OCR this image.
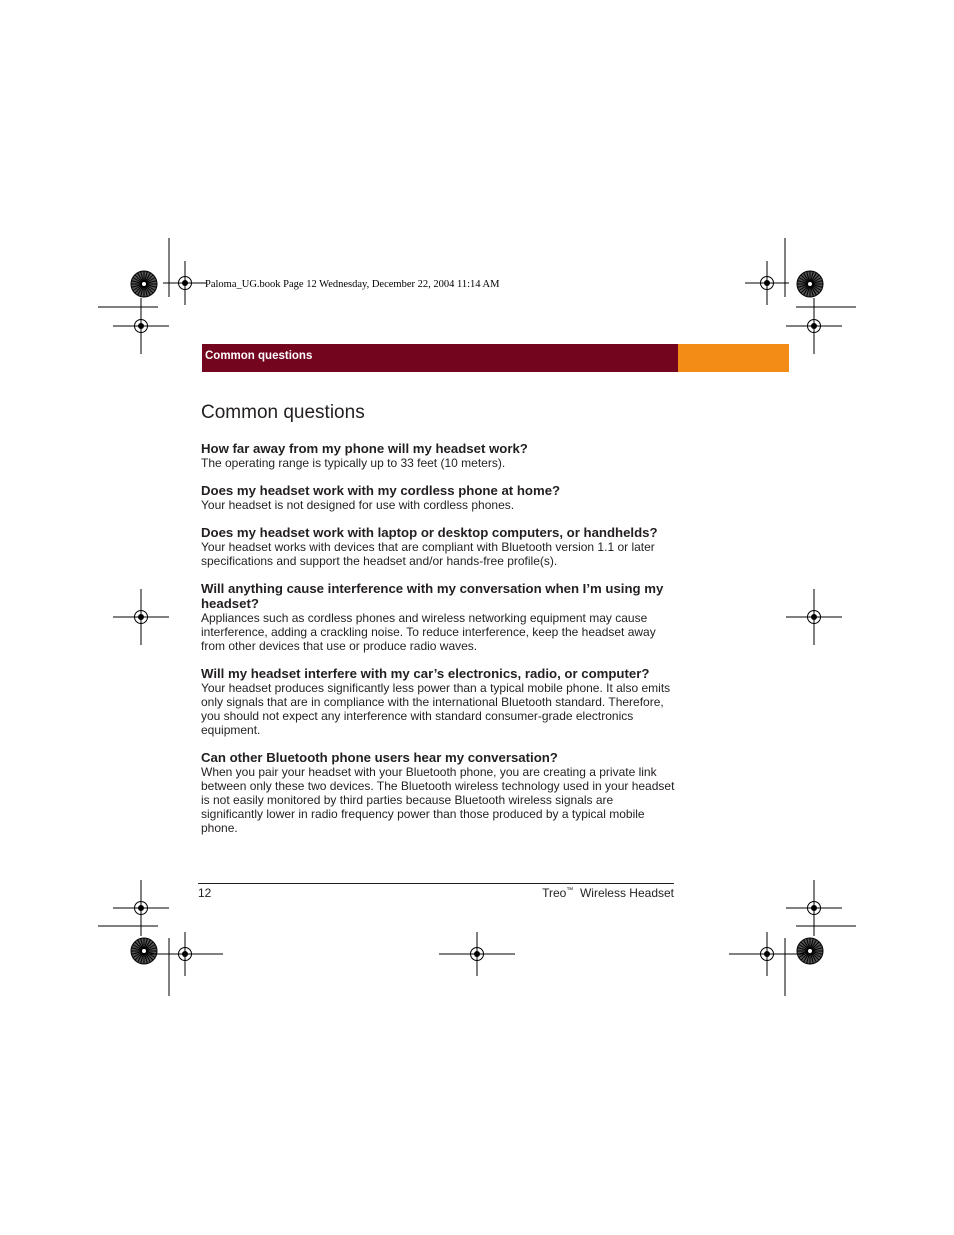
Paloma_UG.book Page 12 Wednesday, December 22, 2004 11:14 AM
Common questions
Common questions

How far away from my phone will my headset work?

The operating range is typically up to 33 feet (10 meters).

Does my headset work with my cordless phone at home?

Your headset is not designed for use with cordless phones.

Does my headset work with laptop or desktop computers, or handhelds?

Your headset works with devices that are compliant with Bluetooth version 1.1 or later specifications and support the headset and/or hands-free profile(s).

Will anything cause interference with my conversation when I’m using my headset?

Appliances such as cordless phones and wireless networking equipment may cause interference, adding a crackling noise. To reduce interference, keep the headset away from other devices that use or produce radio waves.

Will my headset interfere with my car’s electronics, radio, or computer?

Your headset produces significantly less power than a typical mobile phone. It also emits only signals that are in compliance with the international Bluetooth standard. Therefore, you should not expect any interference with standard consumer-grade electronics equipment.

Can other Bluetooth phone users hear my conversation?

When you pair your headset with your Bluetooth phone, you are creating a private link between only these two devices. The Bluetooth wireless technology used in your headset is not easily monitored by third parties because Bluetooth wireless signals are significantly lower in radio frequency power than those produced by a typical mobile phone.

12	Treo™ Wireless Headset
